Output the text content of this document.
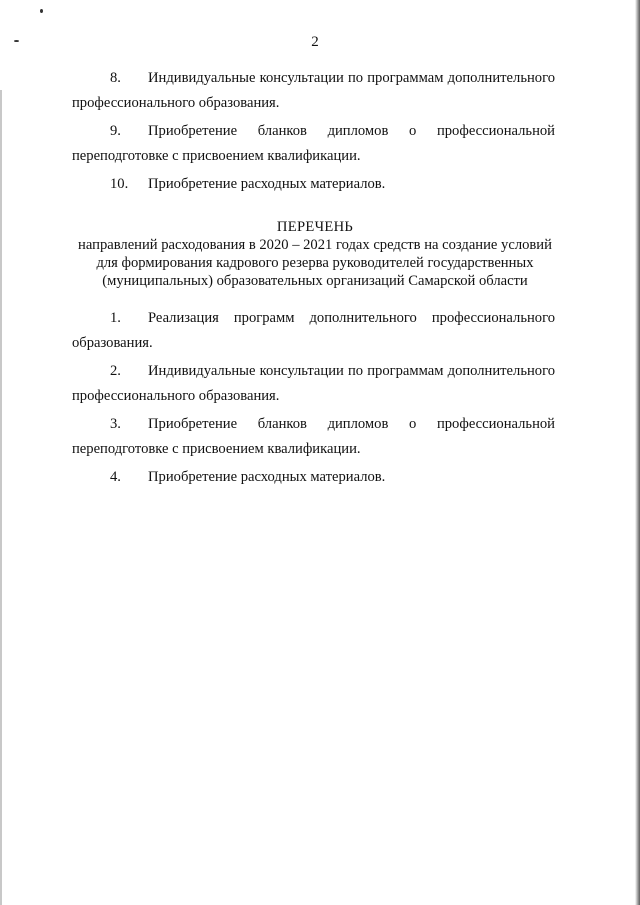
2

8. Индивидуальные консультации по программам дополнительного профессионального образования.

9. Приобретение бланков дипломов о профессиональной переподготовке с присвоением квалификации.

10. Приобретение расходных материалов.

ПЕРЕЧЕНЬ
направлений расходования в 2020 – 2021 годах средств на создание условий
для формирования кадрового резерва руководителей государственных
(муниципальных) образовательных организаций Самарской области

1. Реализация программ дополнительного профессионального образования.

2. Индивидуальные консультации по программам дополнительного профессионального образования.

3. Приобретение бланков дипломов о профессиональной переподготовке с присвоением квалификации.

4. Приобретение расходных материалов.
